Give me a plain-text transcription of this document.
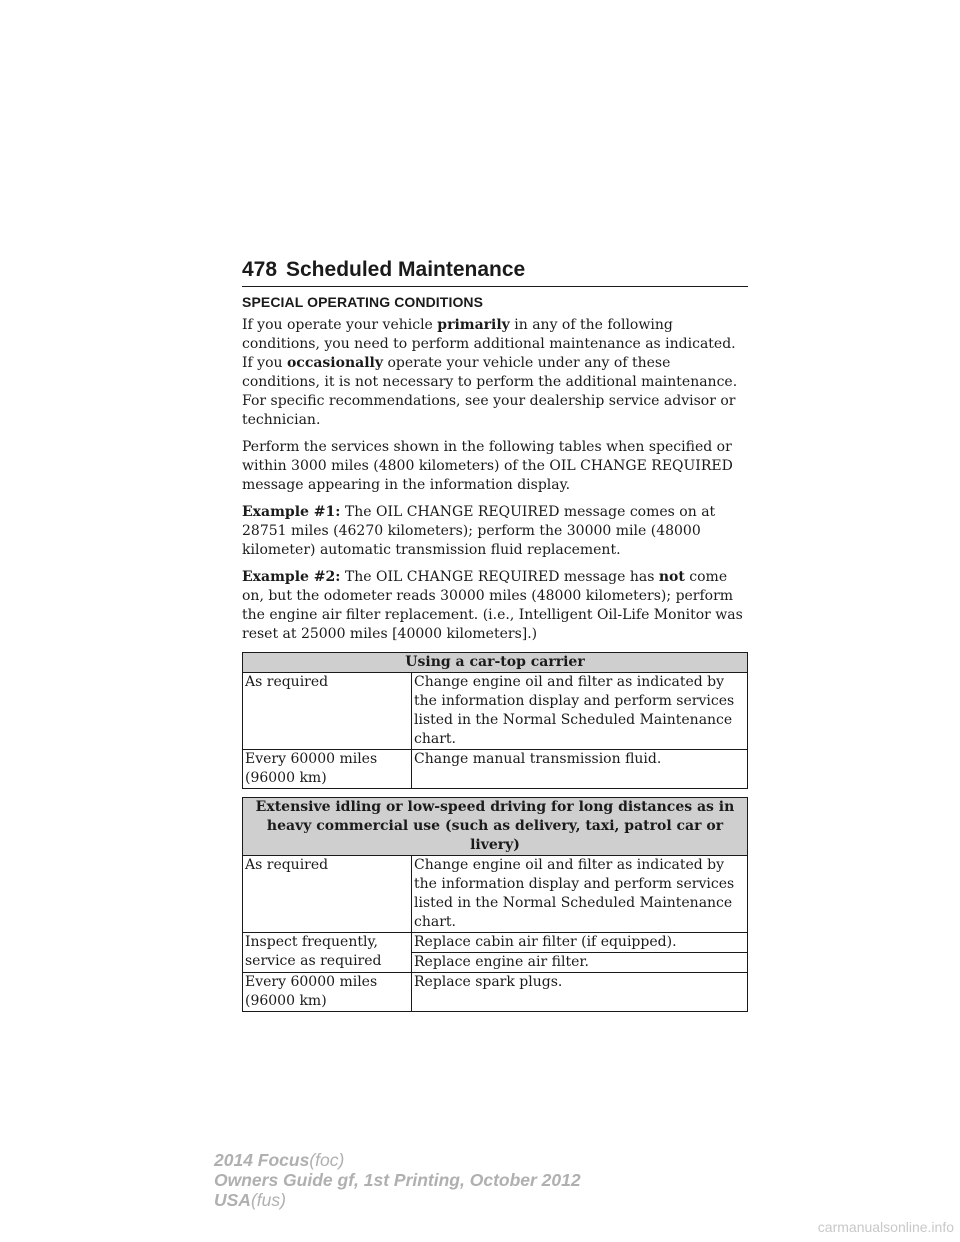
478 Scheduled Maintenance
SPECIAL OPERATING CONDITIONS

If you operate your vehicle primarily in any of the following conditions, you need to perform additional maintenance as indicated. If you occasionally operate your vehicle under any of these conditions, it is not necessary to perform the additional maintenance. For specific recommendations, see your dealership service advisor or technician.

Perform the services shown in the following tables when specified or within 3000 miles (4800 kilometers) of the OIL CHANGE REQUIRED message appearing in the information display.

Example #1: The OIL CHANGE REQUIRED message comes on at 28751 miles (46270 kilometers); perform the 30000 mile (48000 kilometer) automatic transmission fluid replacement.

Example #2: The OIL CHANGE REQUIRED message has not come on, but the odometer reads 30000 miles (48000 kilometers); perform the engine air filter replacement. (i.e., Intelligent Oil-Life Monitor was reset at 25000 miles [40000 kilometers].)

Using a car-top carrier	
As required	Change engine oil and filter as indicated by the information display and perform services listed in the Normal Scheduled Maintenance chart.
Every 60000 miles (96000 km)	Change manual transmission fluid.
Extensive idling or low-speed driving for long distances as in heavy commercial use (such as delivery, taxi, patrol car or livery)	
As required	Change engine oil and filter as indicated by the information display and perform services listed in the Normal Scheduled Maintenance chart.
Inspect frequently, service as required	Replace cabin air filter (if equipped).
	Replace engine air filter.
Every 60000 miles (96000 km)	Replace spark plugs.
2014 Focus(foc)
Owners Guide gf, 1st Printing, October 2012
USA(fus)
carmanualsonline.info
